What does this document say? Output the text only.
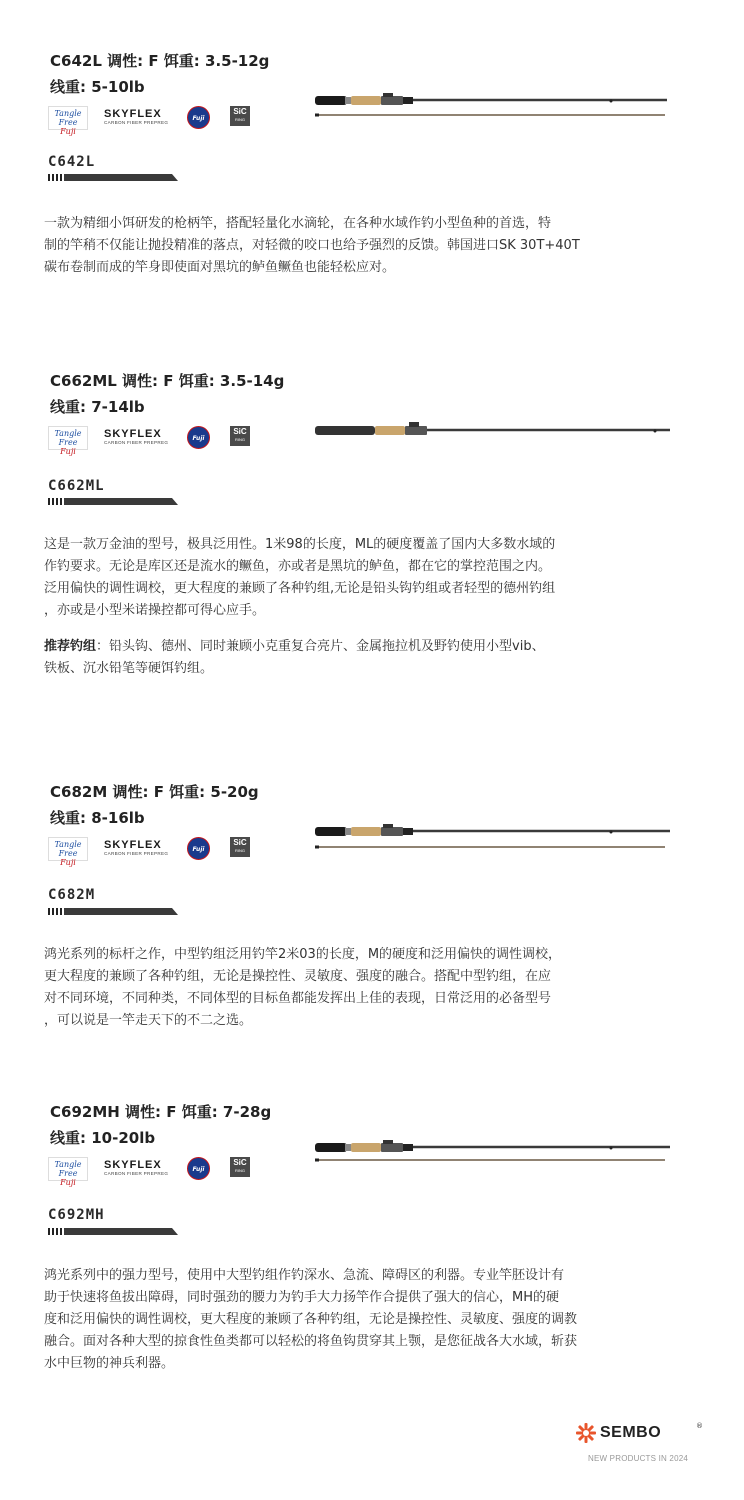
C642L 调性: F 饵重: 3.5-12g
线重: 5-10lb
Tangle Free
Fuji
SKYFLEX
CARBON FIBER PREPREG
Fuji
SiC
RING
C642L

一款为精细小饵研发的枪柄竿，搭配轻量化水滴轮，在各种水域作钓小型鱼种的首选，特

制的竿稍不仅能让抛投精准的落点，对轻微的咬口也给予强烈的反馈。韩国进口SK 30T+40T

碳布卷制而成的竿身即使面对黑坑的鲈鱼鳜鱼也能轻松应对。

C662ML 调性: F 饵重: 3.5-14g
线重: 7-14lb
Tangle Free
Fuji
SKYFLEX
CARBON FIBER PREPREG
Fuji
SiC
RING
C662ML

这是一款万金油的型号，极具泛用性。1米98的长度，ML的硬度覆盖了国内大多数水域的

作钓要求。无论是库区还是流水的鳜鱼，亦或者是黑坑的鲈鱼，都在它的掌控范围之内。

泛用偏快的调性调校，更大程度的兼顾了各种钓组,无论是铅头钩钓组或者轻型的德州钓组

，亦或是小型米诺操控都可得心应手。

推荐钓组：铅头钩、德州、同时兼顾小克重复合亮片、金属拖拉机及野钓使用小型vib、

铁板、沉水铅笔等硬饵钓组。

C682M 调性: F 饵重: 5-20g
线重: 8-16lb
Tangle Free
Fuji
SKYFLEX
CARBON FIBER PREPREG
Fuji
SiC
RING
C682M

鸿光系列的标杆之作，中型钓组泛用钓竿2米03的长度，M的硬度和泛用偏快的调性调校，

更大程度的兼顾了各种钓组，无论是操控性、灵敏度、强度的融合。搭配中型钓组，在应

对不同环境，不同种类，不同体型的目标鱼都能发挥出上佳的表现，日常泛用的必备型号

，可以说是一竿走天下的不二之选。

C692MH 调性: F 饵重: 7-28g
线重: 10-20lb
Tangle Free
Fuji
SKYFLEX
CARBON FIBER PREPREG
Fuji
SiC
RING
C692MH

鸿光系列中的强力型号，使用中大型钓组作钓深水、急流、障碍区的利器。专业竿胚设计有

助于快速将鱼拔出障碍，同时强劲的腰力为钓手大力扬竿作合提供了强大的信心，MH的硬

度和泛用偏快的调性调校，更大程度的兼顾了各种钓组，无论是操控性、灵敏度、强度的调教

融合。面对各种大型的掠食性鱼类都可以轻松的将鱼钩贯穿其上颚，是您征战各大水域，斩获

水中巨物的神兵利器。

SEMBO	®
NEW PRODUCTS IN 2024
